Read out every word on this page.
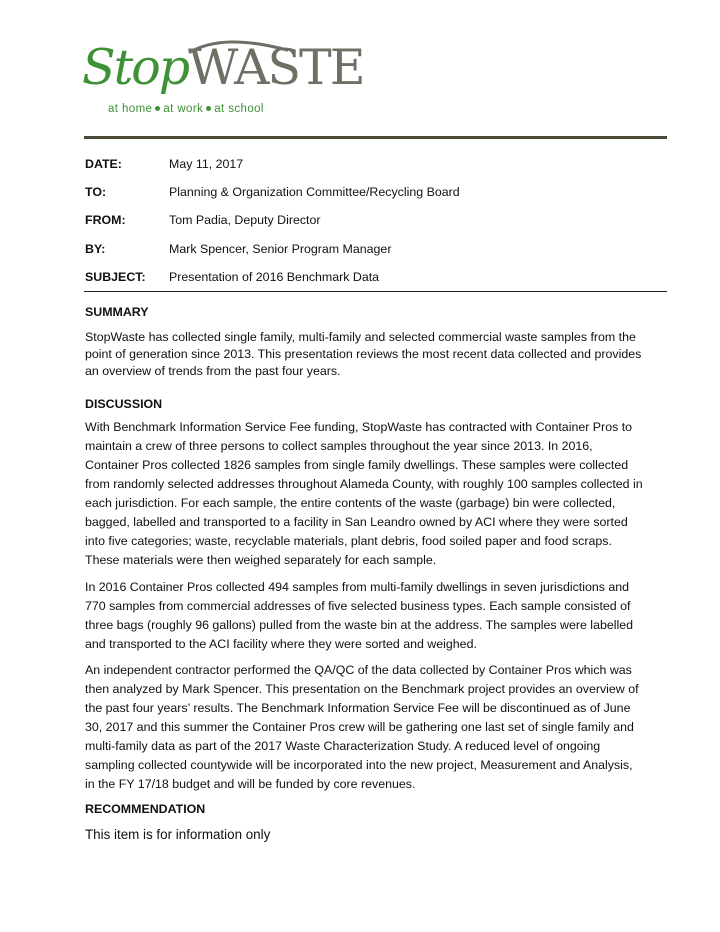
StopWASTE
at home at work at school
DATE:	May 11, 2017
TO:	Planning & Organization Committee/Recycling Board
FROM:	Tom Padia, Deputy Director
BY:	Mark Spencer, Senior Program Manager
SUBJECT: Presentation of 2016 Benchmark Data
SUMMARY
StopWaste has collected single family, multi-family and selected commercial waste samples from the point of generation since 2013. This presentation reviews the most recent data collected and provides an overview of trends from the past four years.
DISCUSSION
With Benchmark Information Service Fee funding, StopWaste has contracted with Container Pros to maintain a crew of three persons to collect samples throughout the year since 2013. In 2016, Container Pros collected 1826 samples from single family dwellings. These samples were collected from randomly selected addresses throughout Alameda County, with roughly 100 samples collected in each jurisdiction. For each sample, the entire contents of the waste (garbage) bin were collected, bagged, labelled and transported to a facility in San Leandro owned by ACI where they were sorted into five categories; waste, recyclable materials, plant debris, food soiled paper and food scraps. These materials were then weighed separately for each sample.
In 2016 Container Pros collected 494 samples from multi-family dwellings in seven jurisdictions and 770 samples from commercial addresses of five selected business types. Each sample consisted of three bags (roughly 96 gallons) pulled from the waste bin at the address. The samples were labelled and transported to the ACI facility where they were sorted and weighed.
An independent contractor performed the QA/QC of the data collected by Container Pros which was then analyzed by Mark Spencer. This presentation on the Benchmark project provides an overview of the past four years’ results. The Benchmark Information Service Fee will be discontinued as of June 30, 2017 and this summer the Container Pros crew will be gathering one last set of single family and multi-family data as part of the 2017 Waste Characterization Study. A reduced level of ongoing sampling collected countywide will be incorporated into the new project, Measurement and Analysis, in the FY 17/18 budget and will be funded by core revenues.
RECOMMENDATION
This item is for information only
